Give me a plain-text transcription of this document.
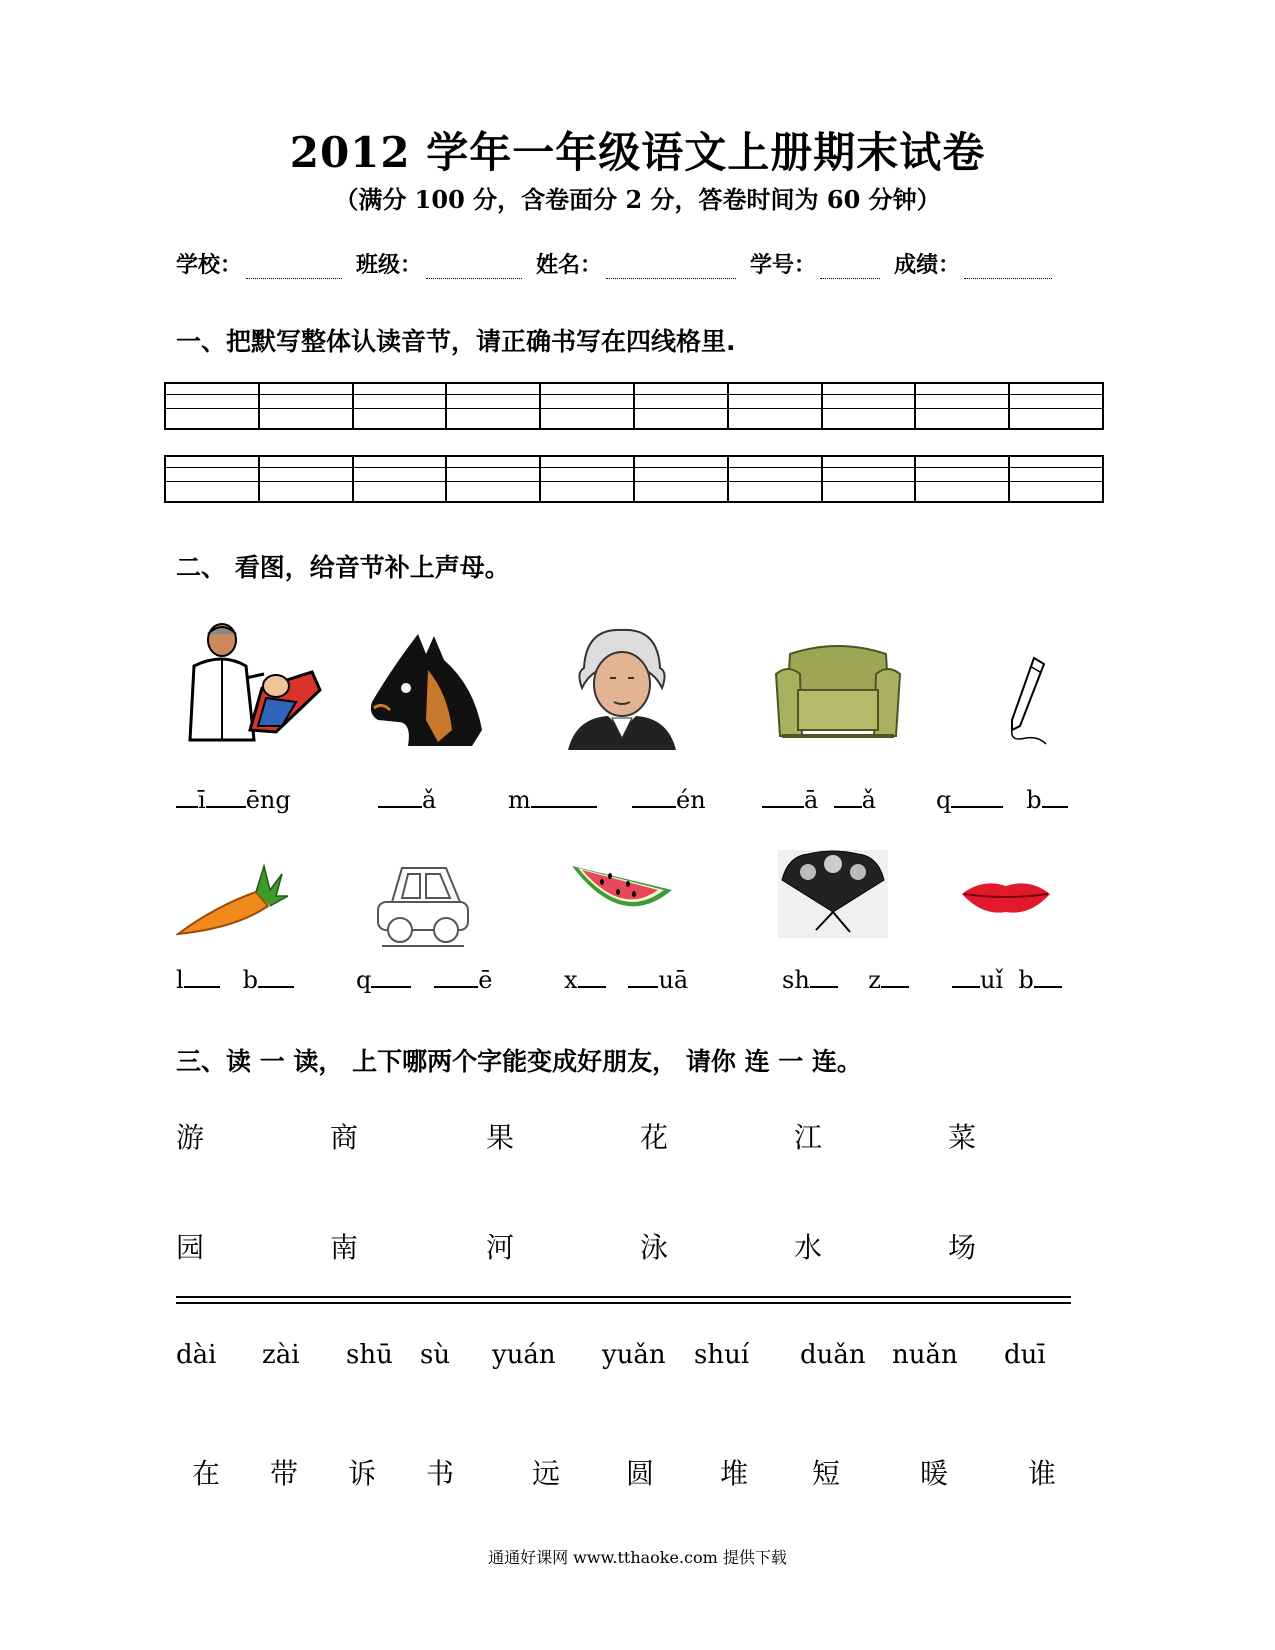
2012 学年一年级语文上册期末试卷
（满分 100 分，含卷面分 2 分，答卷时间为 60 分钟）
学校：	班级：	姓名：	学号：	成绩：
一、把默写整体认读音节，请正确书写在四线格里.
二、 看图，给音节补上声母。
ī ēng	ǎ	m	én	ā ǎ	q	b
l b	q	ē	x	uā	sh z	uǐ b
三、读 一 读， 上下哪两个字能变成好朋友， 请你 连 一 连。
游	商	果	花	江	菜
园	南	河	泳	水	场
dài zài shū sù yuán yuǎn shuí duǎn nuǎn duī
在 带 诉 书	远 圆 堆 短	暖	谁
通通好课网 www.tthaoke.com 提供下载
